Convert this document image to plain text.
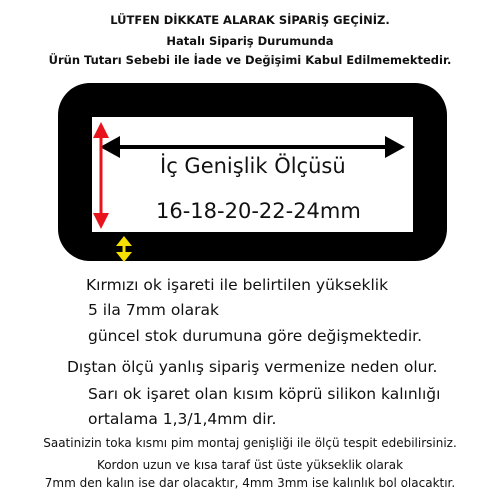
LÜTFEN DİKKATE ALARAK SİPARİŞ GEÇİNİZ.
Hatalı Sipariş Durumunda
Ürün Tutarı Sebebi ile İade ve Değişimi Kabul Edilmemektedir.
İç Genişlik Ölçüsü
16-18-20-22-24mm
Kırmızı ok işareti ile belirtilen yükseklik
5 ila 7mm olarak
güncel stok durumuna göre değişmektedir.
Dıştan ölçü yanlış sipariş vermenize neden olur.
Sarı ok işaret olan kısım köprü silikon kalınlığı
ortalama 1,3/1,4mm dir.
Saatinizin toka kısmı pim montaj genişliği ile ölçü tespit edebilirsiniz.
Kordon uzun ve kısa taraf üst üste yükseklik olarak
7mm den kalın ise dar olacaktır, 4mm 3mm ise kalınlık bol olacaktır.
